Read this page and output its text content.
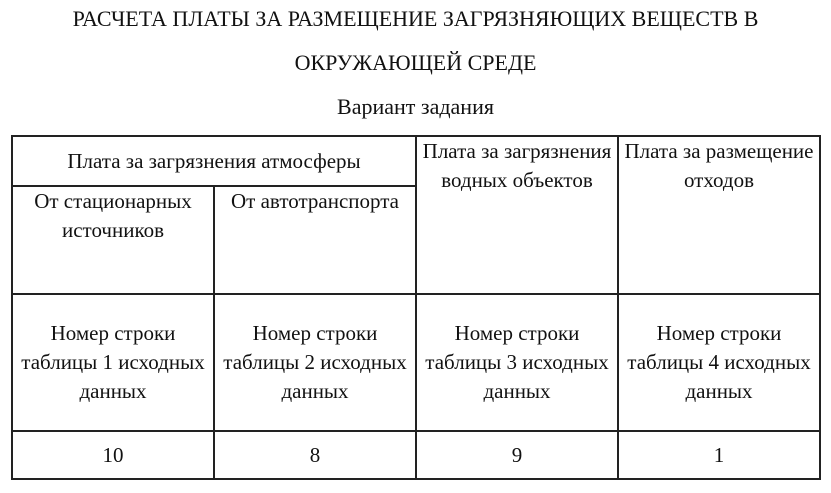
РАСЧЕТА ПЛАТЫ ЗА РАЗМЕЩЕНИЕ ЗАГРЯЗНЯЮЩИХ ВЕЩЕСТВ В
ОКРУЖАЮЩЕЙ СРЕДЕ
Вариант задания
Плата за загрязнения атмосферы		Плата за загрязнения водных объектов	Плата за размещение отходов
От стационарных источников	От автотранспорта		
Номер строки таблицы 1 исходных данных	Номер строки таблицы 2 исходных данных	Номер строки таблицы 3 исходных данных	Номер строки таблицы 4 исходных данных
10	8	9	1
